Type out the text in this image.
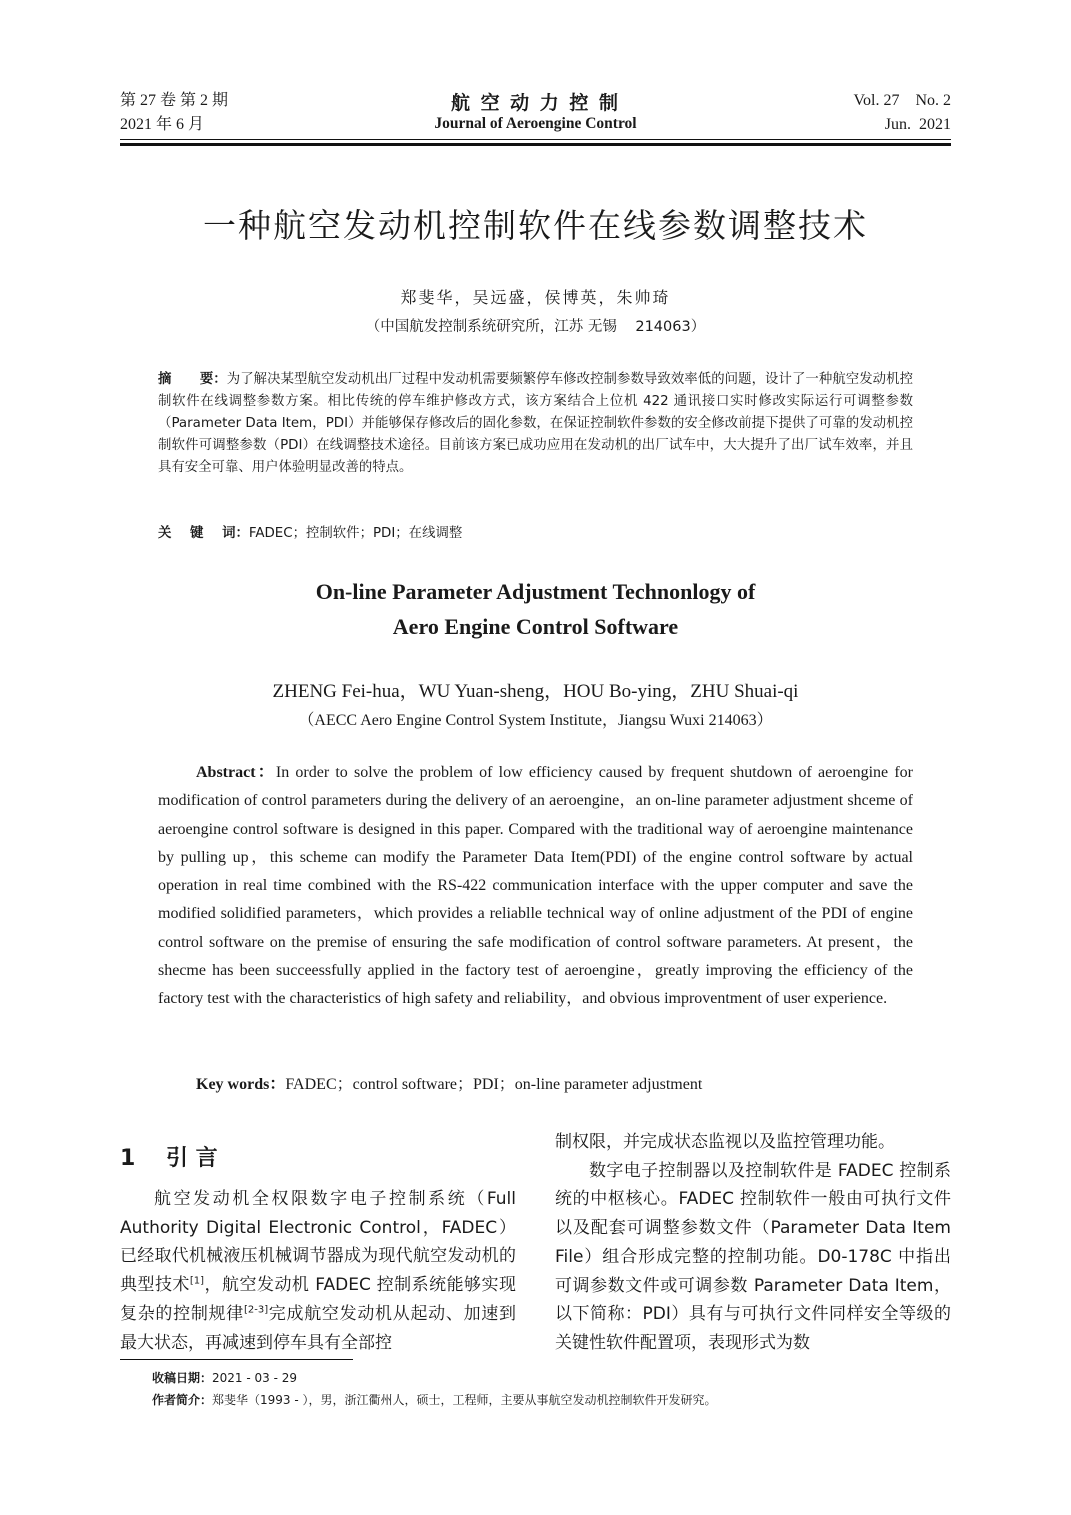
第 27 卷 第 2 期
2021 年 6 月
航 空 动 力 控 制
Journal of Aeroengine Control
Vol. 27    No. 2
Jun.  2021
一种航空发动机控制软件在线参数调整技术
郑斐华，吴远盛，侯博英，朱帅琦
（中国航发控制系统研究所，江苏 无锡    214063）
摘      要：为了解决某型航空发动机出厂过程中发动机需要频繁停车修改控制参数导致效率低的问题，设计了一种航空发动机控制软件在线调整参数方案。相比传统的停车维护修改方式，该方案结合上位机 422 通讯接口实时修改实际运行可调整参数（Parameter Data Item，PDI）并能够保存修改后的固化参数，在保证控制软件参数的安全修改前提下提供了可靠的发动机控制软件可调整参数（PDI）在线调整技术途径。目前该方案已成功应用在发动机的出厂试车中，大大提升了出厂试车效率，并且具有安全可靠、用户体验明显改善的特点。
关    键    词：FADEC；控制软件；PDI；在线调整
On-line Parameter Adjustment Technonlogy of
Aero Engine Control Software
ZHENG Fei-hua，WU Yuan-sheng，HOU Bo-ying，ZHU Shuai-qi
（AECC Aero Engine Control System Institute，Jiangsu Wuxi 214063）
Abstract：In order to solve the problem of low efficiency caused by frequent shutdown of aeroengine for modification of control parameters during the delivery of an aeroengine，an on-line parameter adjustment shceme of aeroengine control software is designed in this paper. Compared with the traditional way of aeroengine maintenance by pulling up，this scheme can modify the Parameter Data Item(PDI) of the engine control software by actual operation in real time combined with the RS-422 communication interface with the upper computer and save the modified solidified parameters，which provides a reliablle technical way of online adjustment of the PDI of engine control software on the premise of ensuring the safe modification of control software parameters. At present，the shecme has been succeessfully applied in the factory test of aeroengine，greatly improving the efficiency of the factory test with the characteristics of high safety and reliability，and obvious improventment of user experience.
Key words：FADEC；control software；PDI；on-line parameter adjustment
1    引 言
航空发动机全权限数字电子控制系统（Full Authority Digital Electronic Control，FADEC）已经取代机械液压机械调节器成为现代航空发动机的典型技术[1]，航空发动机 FADEC 控制系统能够实现复杂的控制规律[2-3]完成航空发动机从起动、加速到最大状态，再减速到停车具有全部控
制权限，并完成状态监视以及监控管理功能。
数字电子控制器以及控制软件是 FADEC 控制系统的中枢核心。FADEC 控制软件一般由可执行文件以及配套可调整参数文件（Parameter Data Item File）组合形成完整的控制功能。D0-178C 中指出可调参数文件或可调参数 Parameter Data Item，以下简称：PDI）具有与可执行文件同样安全等级的关键性软件配置项，表现形式为数
收稿日期：2021 - 03 - 29
作者简介：郑斐华（1993 - ），男，浙江衢州人，硕士，工程师，主要从事航空发动机控制软件开发研究。
